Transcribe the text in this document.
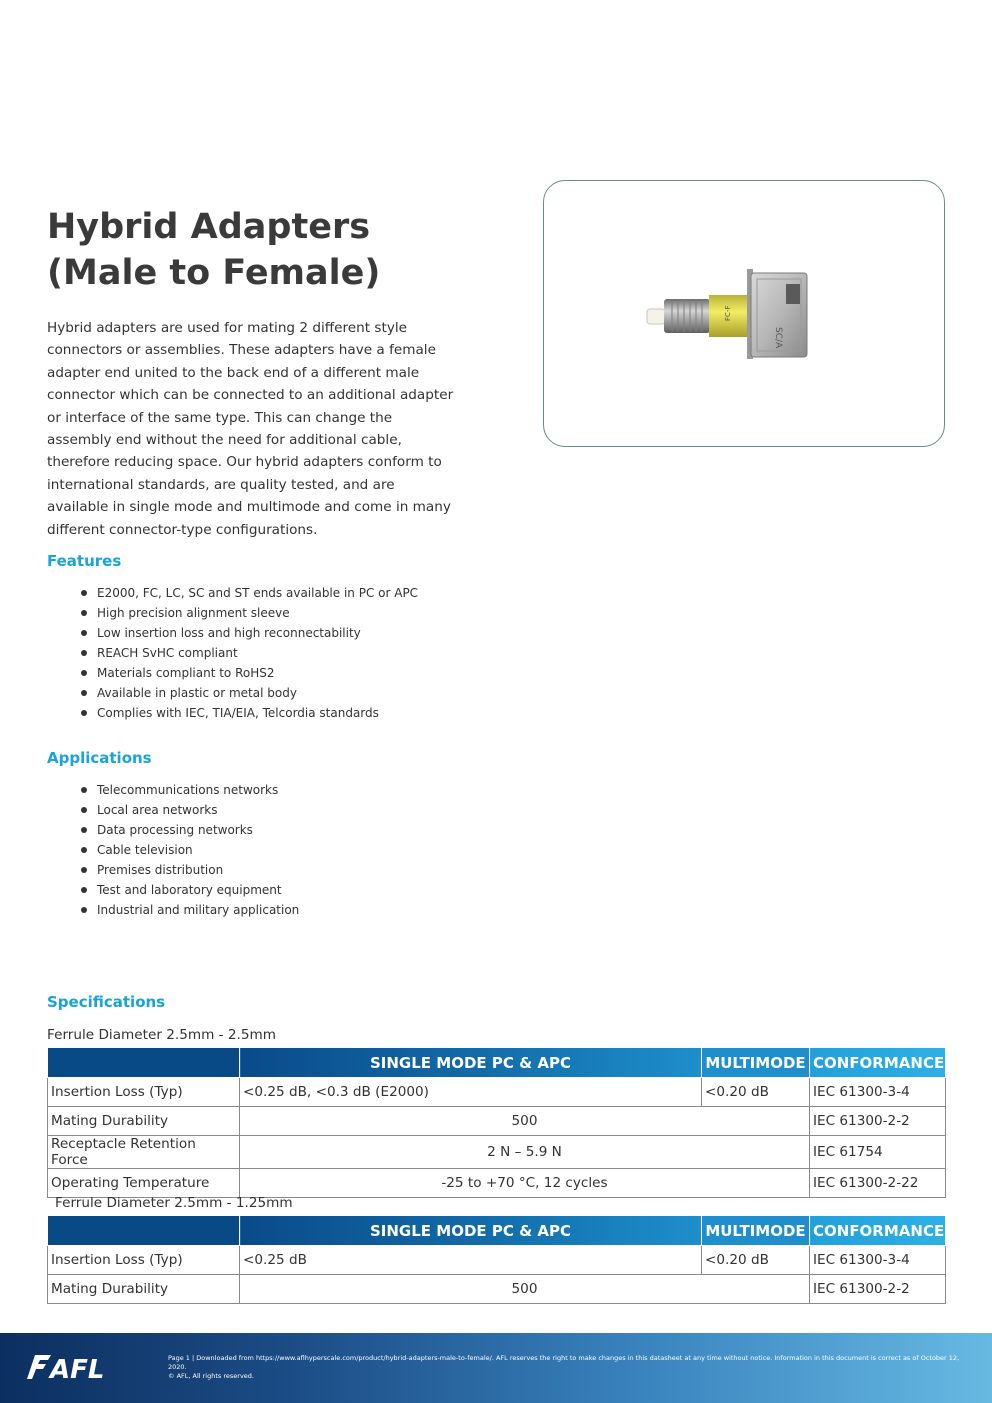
Hybrid Adapters
(Male to Female)

Hybrid adapters are used for mating 2 different style connectors or assemblies. These adapters have a female adapter end united to the back end of a different male connector which can be connected to an additional adapter or interface of the same type. This can change the assembly end without the need for additional cable, therefore reducing space. Our hybrid adapters conform to international standards, are quality tested, and are available in single mode and multimode and come in many different connector-type configurations.

FC-F
SC/A
Features
E2000, FC, LC, SC and ST ends available in PC or APC
High precision alignment sleeve
Low insertion loss and high reconnectability
REACH SvHC compliant
Materials compliant to RoHS2
Available in plastic or metal body
Complies with IEC, TIA/EIA, Telcordia standards
Applications
Telecommunications networks
Local area networks
Data processing networks
Cable television
Premises distribution
Test and laboratory equipment
Industrial and military application
Specifications
Ferrule Diameter 2.5mm - 2.5mm
	SINGLE MODE PC & APC	MULTIMODE	CONFORMANCE
Insertion Loss (Typ)	<0.25 dB, <0.3 dB (E2000)	<0.20 dB	IEC 61300-3-4
Mating Durability	500		IEC 61300-2-2
Receptacle Retention Force	2 N – 5.9 N		IEC 61754
Operating Temperature	-25 to +70 °C, 12 cycles		IEC 61300-2-22
Ferrule Diameter 2.5mm - 1.25mm
	SINGLE MODE PC & APC	MULTIMODE	CONFORMANCE
Insertion Loss (Typ)	<0.25 dB	<0.20 dB	IEC 61300-3-4
Mating Durability	500		IEC 61300-2-2
AFL	Page 1 | Downloaded from https://www.aflhyperscale.com/product/hybrid-adapters-male-to-female/. AFL reserves the right to make changes in this datasheet at any time without notice. Information in this document is correct as of October 12, 2020.
© AFL, All rights reserved.
